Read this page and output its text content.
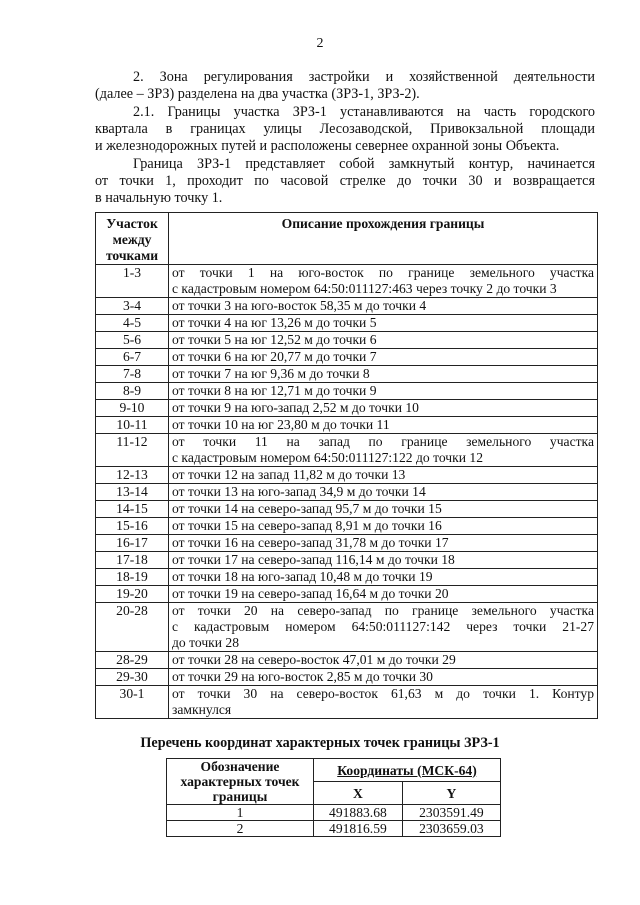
2
2. Зона регулирования застройки и хозяйственной деятельности
(далее – ЗРЗ) разделена на два участка (ЗРЗ-1, ЗРЗ-2).
2.1. Границы участка ЗРЗ-1 устанавливаются на часть городского
квартала в границах улицы Лесозаводской, Привокзальной площади
и железнодорожных путей и расположены севернее охранной зоны Объекта.
Граница ЗРЗ-1 представляет собой замкнутый контур, начинается
от точки 1, проходит по часовой стрелке до точки 30 и возвращается
в начальную точку 1.
Участок
между
точками	Описание прохождения границы
1-3	от точки 1 на юго-восток по границе земельного участка
с кадастровым номером 64:50:011127:463 через точку 2 до точки 3

3-4	от точки 3 на юго-восток 58,35 м до точки 4

4-5	от точки 4 на юг 13,26 м до точки 5

5-6	от точки 5 на юг 12,52 м до точки 6

6-7	от точки 6 на юг 20,77 м до точки 7

7-8	от точки 7 на юг 9,36 м до точки 8

8-9	от точки 8 на юг 12,71 м до точки 9

9-10	от точки 9 на юго-запад 2,52 м до точки 10

10-11	от точки 10 на юг 23,80 м до точки 11

11-12	от точки 11 на запад по границе земельного участка
с кадастровым номером 64:50:011127:122 до точки 12

12-13	от точки 12 на запад 11,82 м до точки 13

13-14	от точки 13 на юго-запад 34,9 м до точки 14

14-15	от точки 14 на северо-запад 95,7 м до точки 15

15-16	от точки 15 на северо-запад 8,91 м до точки 16

16-17	от точки 16 на северо-запад 31,78 м до точки 17

17-18	от точки 17 на северо-запад 116,14 м до точки 18

18-19	от точки 18 на юго-запад 10,48 м до точки 19

19-20	от точки 19 на северо-запад 16,64 м до точки 20

20-28	от точки 20 на северо-запад по границе земельного участка
с кадастровым номером 64:50:011127:142 через точки 21-27
до точки 28

28-29	от точки 28 на северо-восток 47,01 м до точки 29

29-30	от точки 29 на юго-восток 2,85 м до точки 30

30-1	от точки 30 на северо-восток 61,63 м до точки 1. Контур
замкнулся
Перечень координат характерных точек границы ЗРЗ-1
Обозначение
характерных точек
границы	Координаты (МСК-64)	
	X	Y
1	491883.68	2303591.49
2	491816.59	2303659.03
